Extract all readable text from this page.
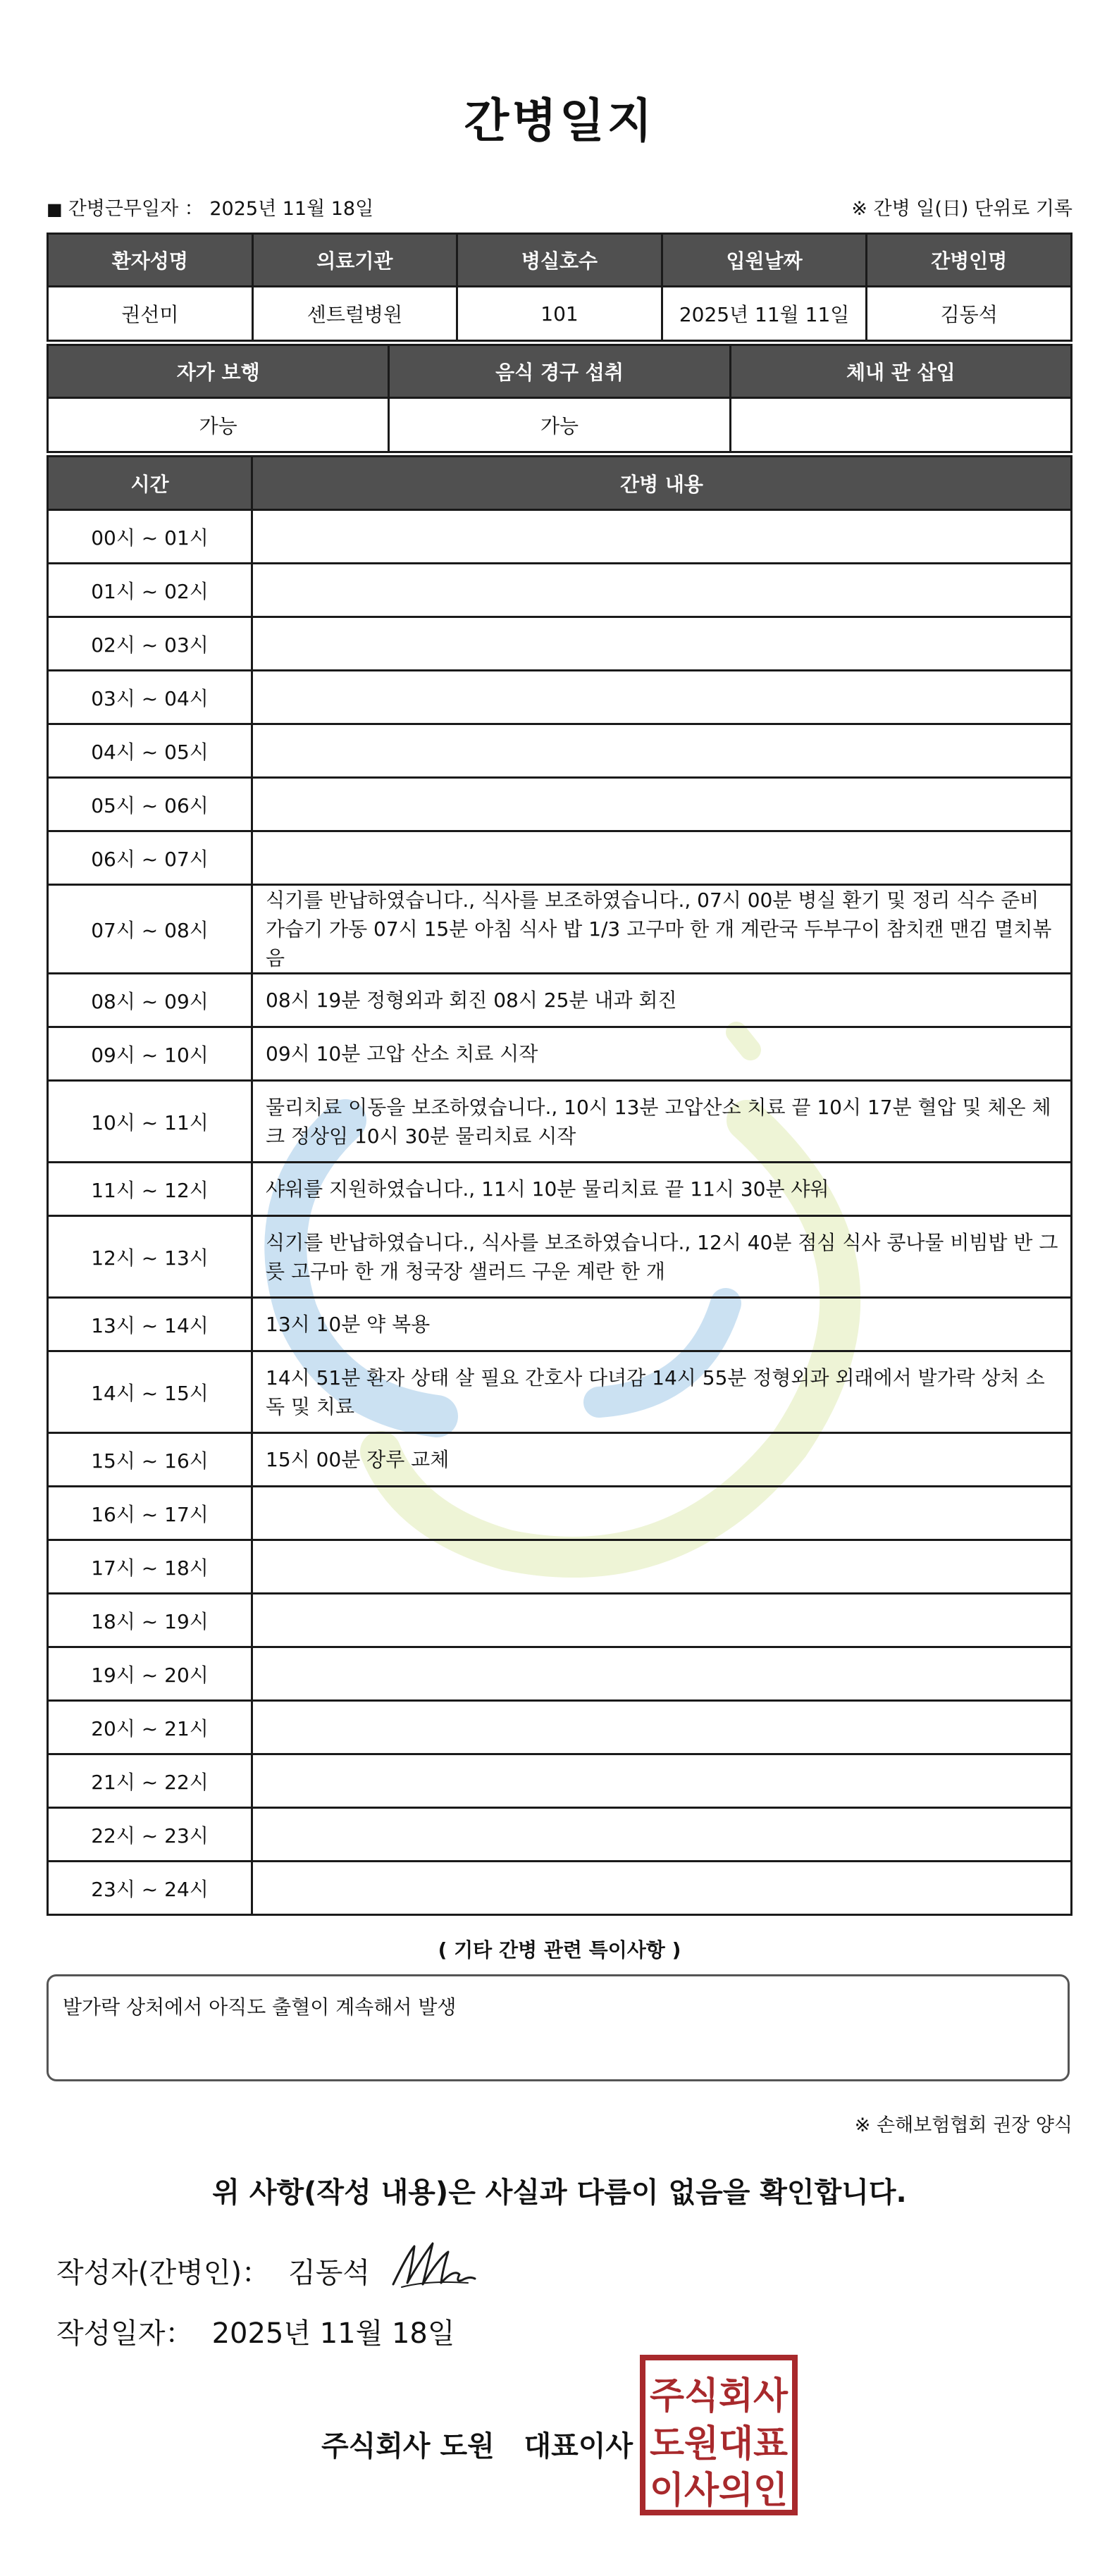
간병일지
■ 간병근무일자 ： 2025년 11월 18일	※ 간병 일(日) 단위로 기록
환자성명	의료기관	병실호수	입원날짜	간병인명
권선미	센트럴병원	101	2025년 11월 11일	김동석
자가 보행	음식 경구 섭취	체내 관 삽입
가능	가능	
시간	간병 내용
00시 ~ 01시	
01시 ~ 02시	
02시 ~ 03시	
03시 ~ 04시	
04시 ~ 05시	
05시 ~ 06시	
06시 ~ 07시	
07시 ~ 08시	식기를 반납하였습니다., 식사를 보조하였습니다., 07시 00분 병실 환기 및 정리 식수 준비 가습기 가동 07시 15분 아침 식사 밥 1/3 고구마 한 개 계란국 두부구이 참치캔 맨김 멸치볶음
08시 ~ 09시	08시 19분 정형외과 회진 08시 25분 내과 회진
09시 ~ 10시	09시 10분 고압 산소 치료 시작
10시 ~ 11시	물리치료 이동을 보조하였습니다., 10시 13분 고압산소 치료 끝 10시 17분 혈압 및 체온 체크 정상임 10시 30분 물리치료 시작
11시 ~ 12시	샤워를 지원하였습니다., 11시 10분 물리치료 끝 11시 30분 샤워
12시 ~ 13시	식기를 반납하였습니다., 식사를 보조하였습니다., 12시 40분 점심 식사 콩나물 비빔밥 반 그릇 고구마 한 개 청국장 샐러드 구운 계란 한 개
13시 ~ 14시	13시 10분 약 복용
14시 ~ 15시	14시 51분 환자 상태 살 필요 간호사 다녀감 14시 55분 정형외과 외래에서 발가락 상처 소독 및 치료
15시 ~ 16시	15시 00분 장루 교체
16시 ~ 17시	
17시 ~ 18시	
18시 ~ 19시	
19시 ~ 20시	
20시 ~ 21시	
21시 ~ 22시	
22시 ~ 23시	
23시 ~ 24시	
( 기타 간병 관련 특이사항 )
발가락 상처에서 아직도 출혈이 계속해서 발생
※ 손해보험협회 권장 양식
위 사항(작성 내용)은 사실과 다름이 없음을 확인합니다.
작성자(간병인)： 김동석
작성일자： 2025년 11월 18일
주식회사 도원   대표이사
주식회사
도원대표
이사의인
